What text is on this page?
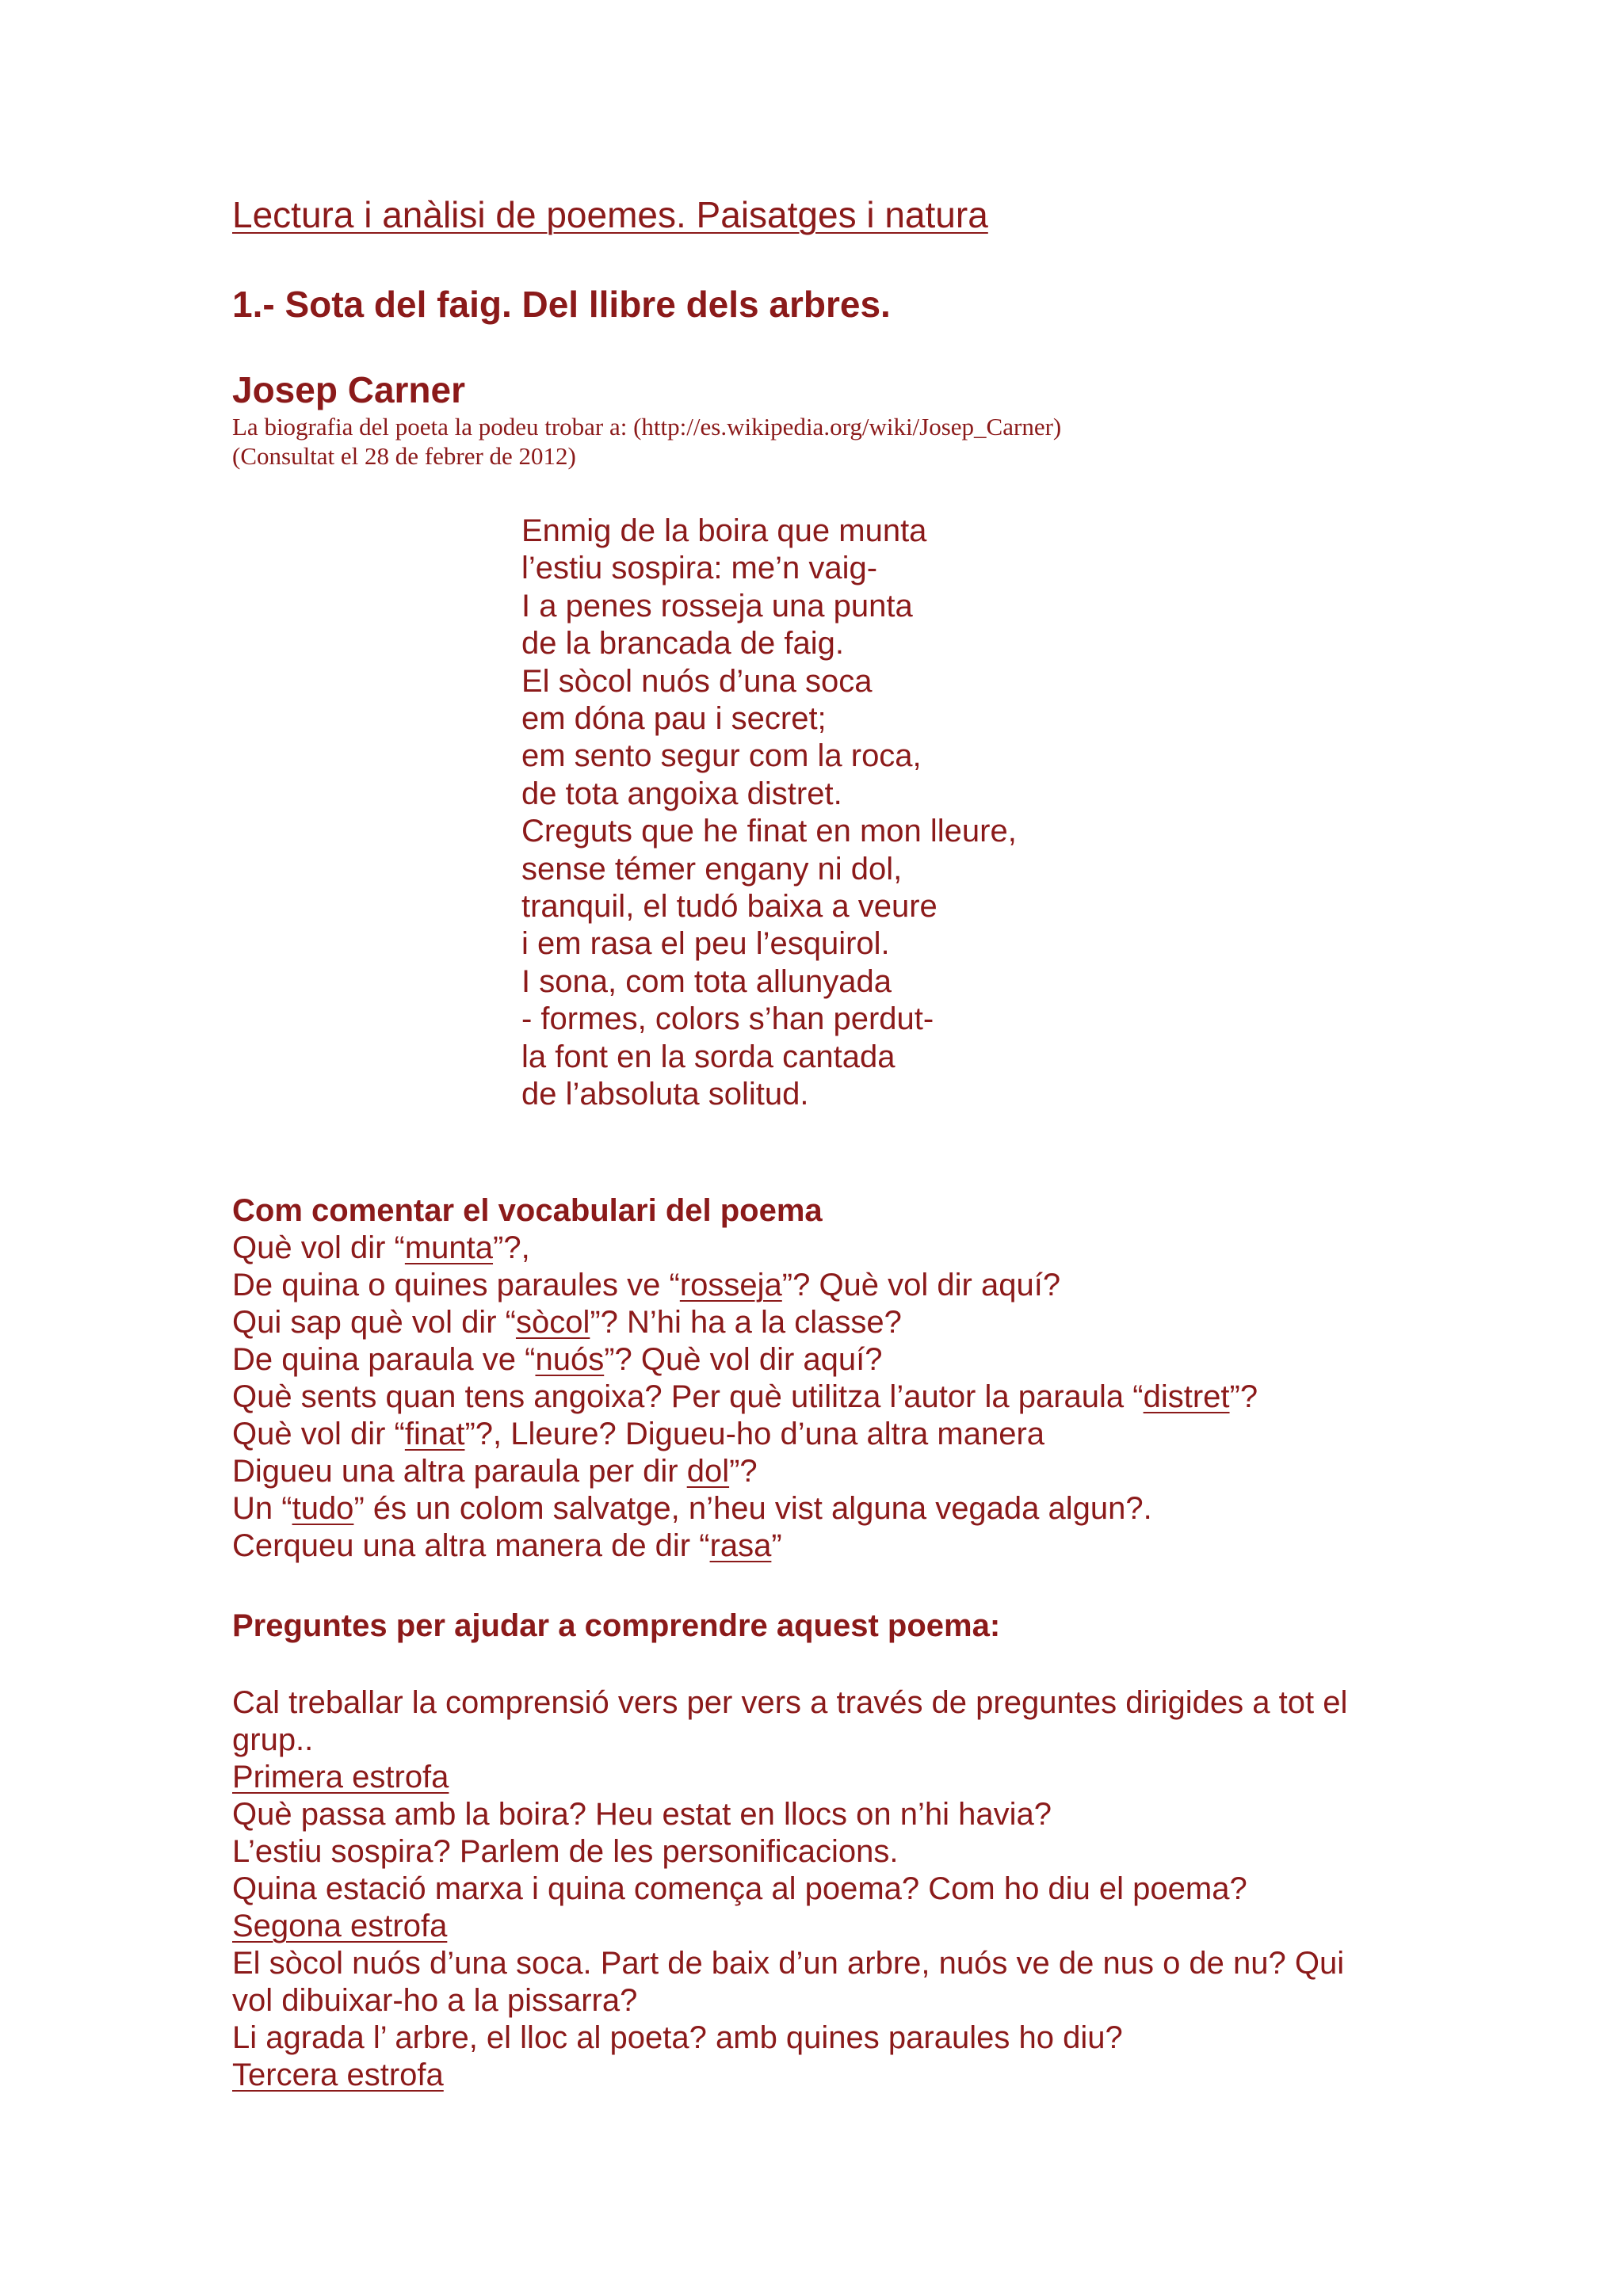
Lectura i anàlisi de poemes. Paisatges i natura
1.- Sota del faig. Del llibre dels arbres.
Josep Carner
La biografia del poeta la podeu trobar a: (http://es.wikipedia.org/wiki/Josep_Carner)
(Consultat el 28 de febrer de 2012)
Enmig de la boira que munta
l’estiu sospira: me’n vaig-
I a penes rosseja una punta
de la brancada de faig.
El sòcol nuós d’una soca
em dóna pau i secret;
em sento segur com la roca,
de tota angoixa distret.
Creguts que he finat en mon lleure,
sense témer engany ni dol,
tranquil, el tudó baixa a veure
i em rasa el peu l’esquirol.
I sona, com tota allunyada
- formes, colors s’han perdut-
la font en la sorda cantada
de l’absoluta solitud.
Com comentar el vocabulari del poema
Què vol dir “munta”?,
De quina o quines paraules ve “rosseja”? Què vol dir aquí?
Qui sap què vol dir “sòcol”? N’hi ha a la classe?
De quina paraula ve “nuós”? Què vol dir aquí?
Què sents quan tens angoixa? Per què utilitza l’autor la paraula “distret”?
Què vol dir “finat”?, Lleure? Digueu-ho d’una altra manera
Digueu una altra paraula per dir dol”?
Un “tudo” és un colom salvatge, n’heu vist alguna vegada algun?.
Cerqueu una altra manera de dir “rasa”
Preguntes per ajudar a comprendre aquest poema:
Cal treballar la comprensió vers per vers a través de preguntes dirigides a tot el
grup..
Primera estrofa
Què passa amb la boira? Heu estat en llocs on n’hi havia?
L’estiu sospira? Parlem de les personificacions.
Quina estació marxa i quina comença al poema? Com ho diu el poema?
Segona estrofa
El sòcol nuós d’una soca. Part de baix d’un arbre, nuós ve de nus o de nu? Qui
vol dibuixar-ho a la pissarra?
Li agrada l’ arbre, el lloc al poeta? amb quines paraules ho diu?
Tercera estrofa
